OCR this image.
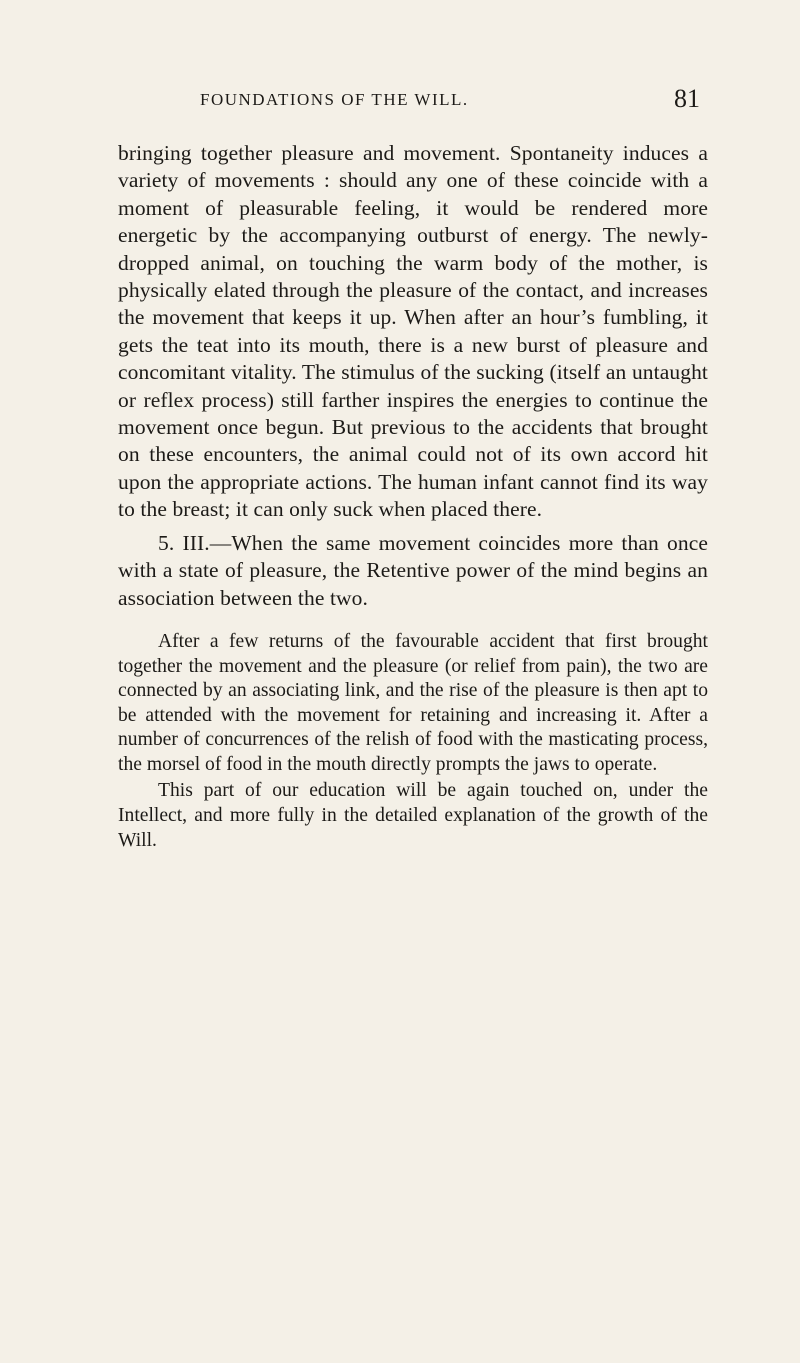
FOUNDATIONS OF THE WILL.	81

bringing together pleasure and movement. Spontaneity induces a variety of movements : should any one of these coincide with a moment of pleasurable feeling, it would be rendered more energetic by the accompanying outburst of energy. The newly-dropped animal, on touching the warm body of the mother, is physically elated through the pleasure of the contact, and increases the movement that keeps it up. When after an hour’s fumbling, it gets the teat into its mouth, there is a new burst of pleasure and concomitant vitality. The stimulus of the sucking (itself an untaught or reflex process) still farther inspires the energies to continue the movement once begun. But previous to the accidents that brought on these encounters, the animal could not of its own accord hit upon the appropriate actions. The human infant cannot find its way to the breast; it can only suck when placed there.

5. III.—When the same movement coincides more than once with a state of pleasure, the Retentive power of the mind begins an association between the two.

After a few returns of the favourable accident that first brought together the movement and the pleasure (or relief from pain), the two are connected by an associating link, and the rise of the pleasure is then apt to be attended with the movement for retaining and increasing it. After a number of concurrences of the relish of food with the masticating process, the morsel of food in the mouth directly prompts the jaws to operate.

This part of our education will be again touched on, under the Intellect, and more fully in the detailed explanation of the growth of the Will.
